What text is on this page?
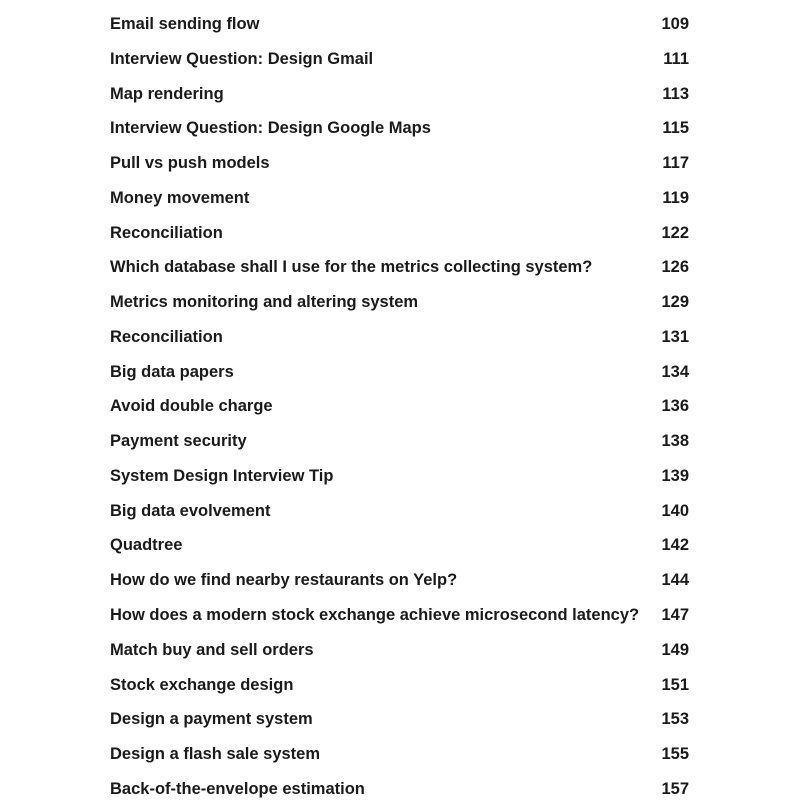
Email sending flow	109
Interview Question: Design Gmail	111
Map rendering	113
Interview Question: Design Google Maps	115
Pull vs push models	117
Money movement	119
Reconciliation	122
Which database shall I use for the metrics collecting system?	126
Metrics monitoring and altering system	129
Reconciliation	131
Big data papers	134
Avoid double charge	136
Payment security	138
System Design Interview Tip	139
Big data evolvement	140
Quadtree	142
How do we find nearby restaurants on Yelp?	144
How does a modern stock exchange achieve microsecond latency? 147
Match buy and sell orders	149
Stock exchange design	151
Design a payment system	153
Design a flash sale system	155
Back-of-the-envelope estimation	157
